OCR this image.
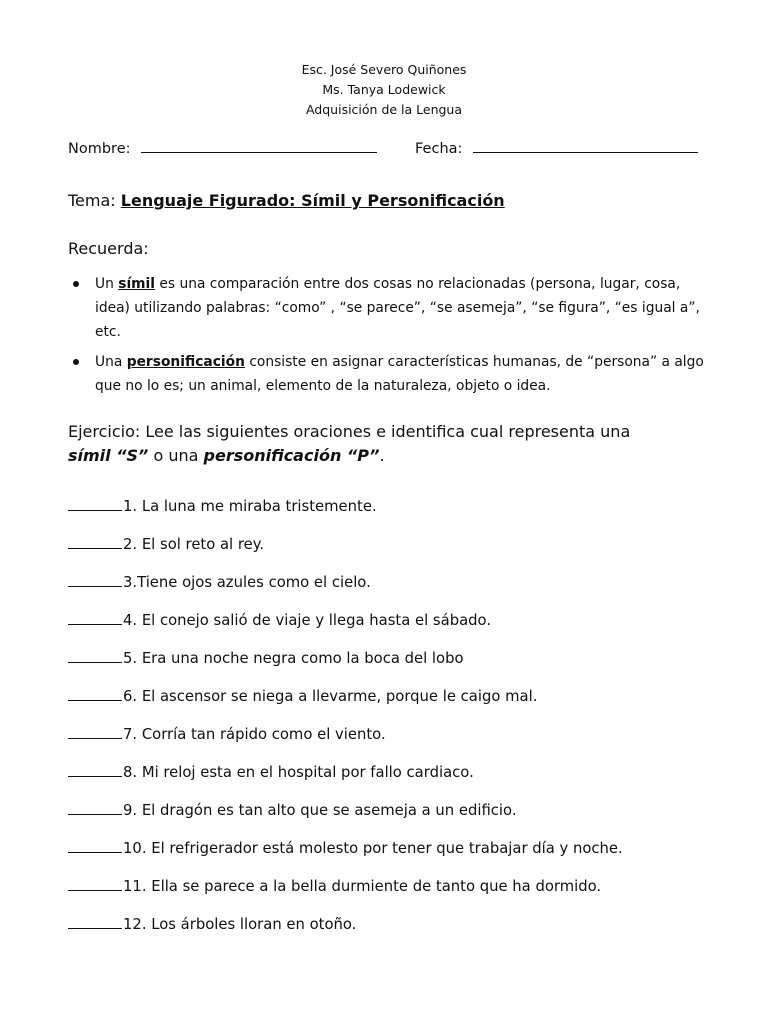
Esc. José Severo Quiñones
Ms. Tanya Lodewick
Adquisición de la Lengua
Nombre:	Fecha:
Tema: Lenguaje Figurado: Símil y Personificación
Recuerda:
Un símil es una comparación entre dos cosas no relacionadas (persona, lugar, cosa, idea) utilizando palabras: “como” , “se parece”, “se asemeja”, “se figura”, “es igual a”, etc.
Una personificación consiste en asignar características humanas, de “persona” a algo que no lo es; un animal, elemento de la naturaleza, objeto o idea.
Ejercicio: Lee las siguientes oraciones e identifica cual representa una
símil “S” o una personificación “P”.
1. La luna me miraba tristemente.
2. El sol reto al rey.
3.Tiene ojos azules como el cielo.
4. El conejo salió de viaje y llega hasta el sábado.
5. Era una noche negra como la boca del lobo
6. El ascensor se niega a llevarme, porque le caigo mal.
7. Corría tan rápido como el viento.
8. Mi reloj esta en el hospital por fallo cardiaco.
9. El dragón es tan alto que se asemeja a un edificio.
10. El refrigerador está molesto por tener que trabajar día y noche.
11. Ella se parece a la bella durmiente de tanto que ha dormido.
12. Los árboles lloran en otoño.
